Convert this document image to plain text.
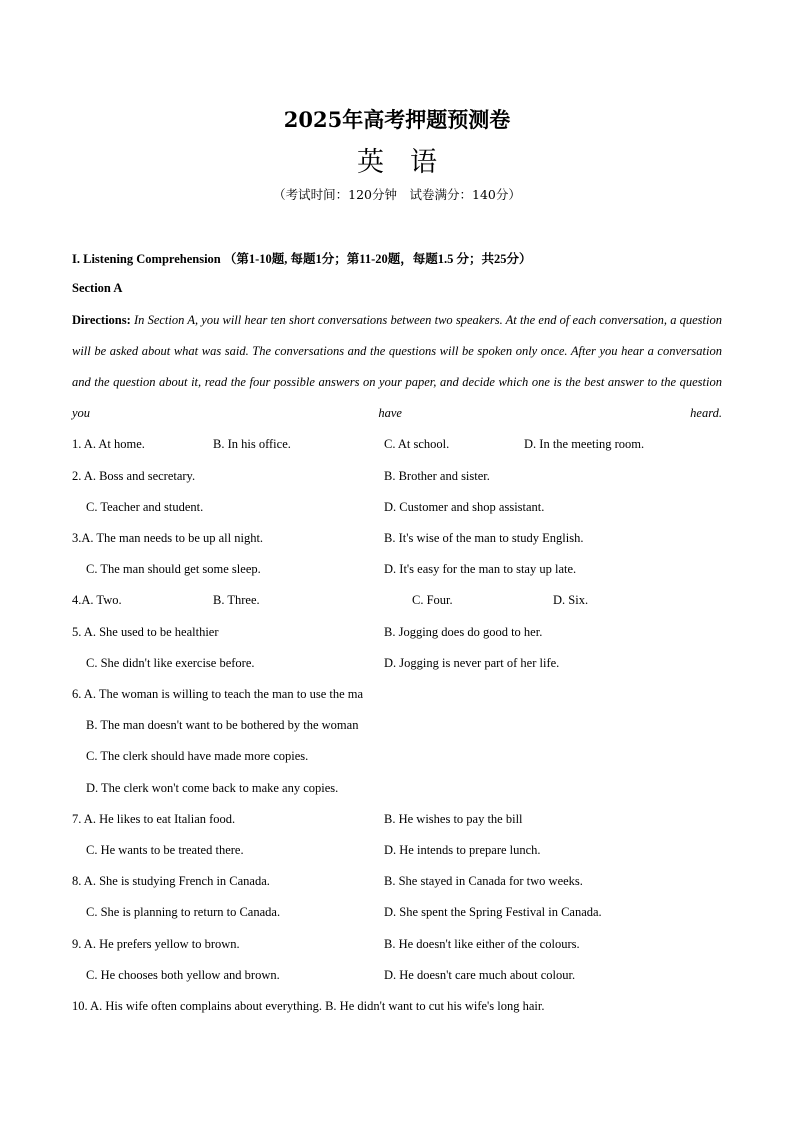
2025年高考押题预测卷
英语
（考试时间：120分钟　试卷满分：140分）
I. Listening Comprehension （第1-10题, 每题1分；第11-20题，每题1.5 分；共25分）
Section A
Directions: In Section A, you will hear ten short conversations between two speakers. At the end of each conversation, a question will be asked about what was said. The conversations and the questions will be spoken only once. After you hear a conversation and the question about it, read the four possible answers on your paper, and decide which one is the best answer to the question you have heard.
1. A. At home.	B. In his office.	C. At school.	D. In the meeting room.
2. A. Boss and secretary.	B. Brother and sister.
C. Teacher and student.	D. Customer and shop assistant.
3.A. The man needs to be up all night.	B. It's wise of the man to study English.
C. The man should get some sleep.	D. It's easy for the man to stay up late.
4.A. Two.	B. Three.	C. Four.	D. Six.
5. A. She used to be healthier	B. Jogging does do good to her.
C. She didn't like exercise before.	D. Jogging is never part of her life.
6. A. The woman is willing to teach the man to use the ma
B. The man doesn't want to be bothered by the woman
C. The clerk should have made more copies.
D. The clerk won't come back to make any copies.
7. A. He likes to eat Italian food.	B. He wishes to pay the bill
C. He wants to be treated there.	D. He intends to prepare lunch.
8. A. She is studying French in Canada.	B. She stayed in Canada for two weeks.
C. She is planning to return to Canada.	D. She spent the Spring Festival in Canada.
9. A. He prefers yellow to brown.	B. He doesn't like either of the colours.
C. He chooses both yellow and brown.	D. He doesn't care much about colour.
10. A. His wife often complains about everything. B. He didn't want to cut his wife's long hair.
